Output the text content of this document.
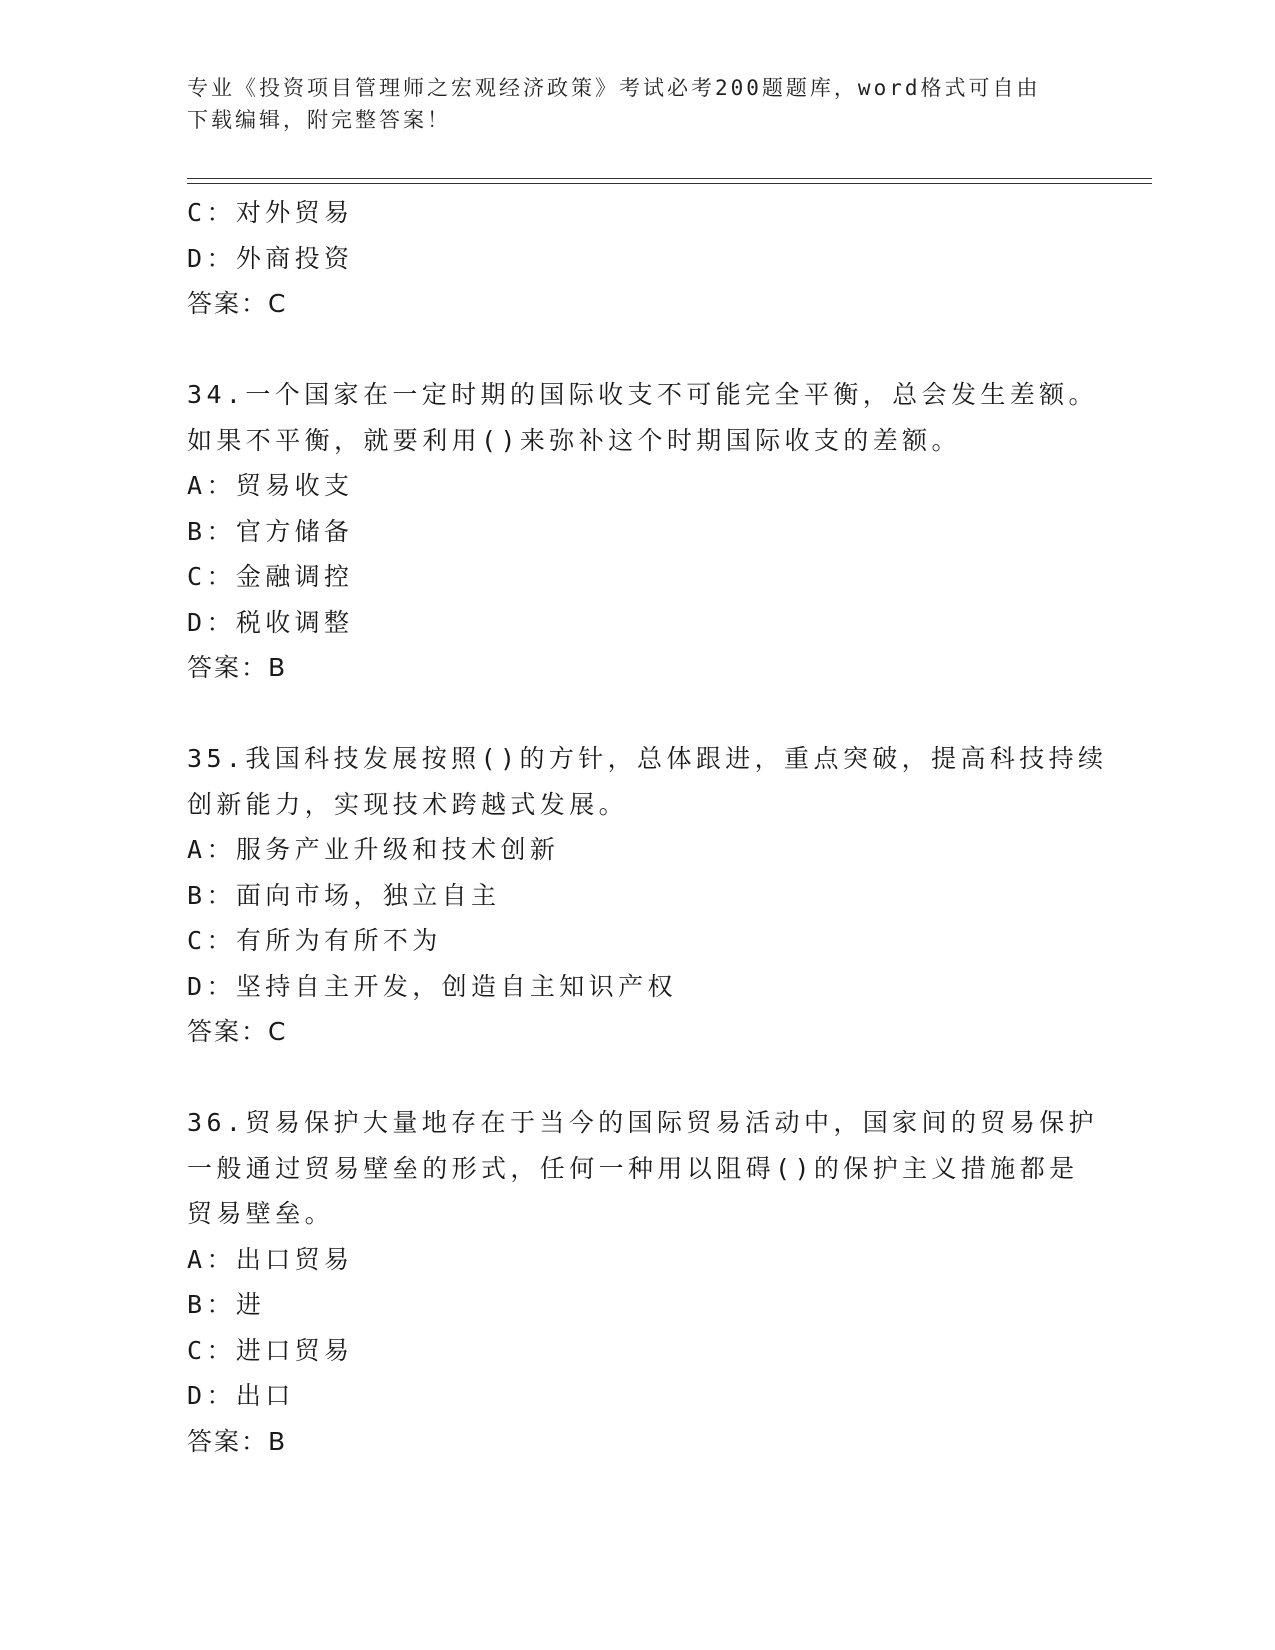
专业《投资项目管理师之宏观经济政策》考试必考200题题库，word格式可自由
下载编辑，附完整答案！
C：对外贸易
D：外商投资
答案：C
34.一个国家在一定时期的国际收支不可能完全平衡，总会发生差额。
如果不平衡，就要利用()来弥补这个时期国际收支的差额。
A：贸易收支
B：官方储备
C：金融调控
D：税收调整
答案：B
35.我国科技发展按照()的方针，总体跟进，重点突破，提高科技持续
创新能力，实现技术跨越式发展。
A：服务产业升级和技术创新
B：面向市场，独立自主
C：有所为有所不为
D：坚持自主开发，创造自主知识产权
答案：C
36.贸易保护大量地存在于当今的国际贸易活动中，国家间的贸易保护
一般通过贸易壁垒的形式，任何一种用以阻碍()的保护主义措施都是
贸易壁垒。
A：出口贸易
B：进
C：进口贸易
D：出口
答案：B
